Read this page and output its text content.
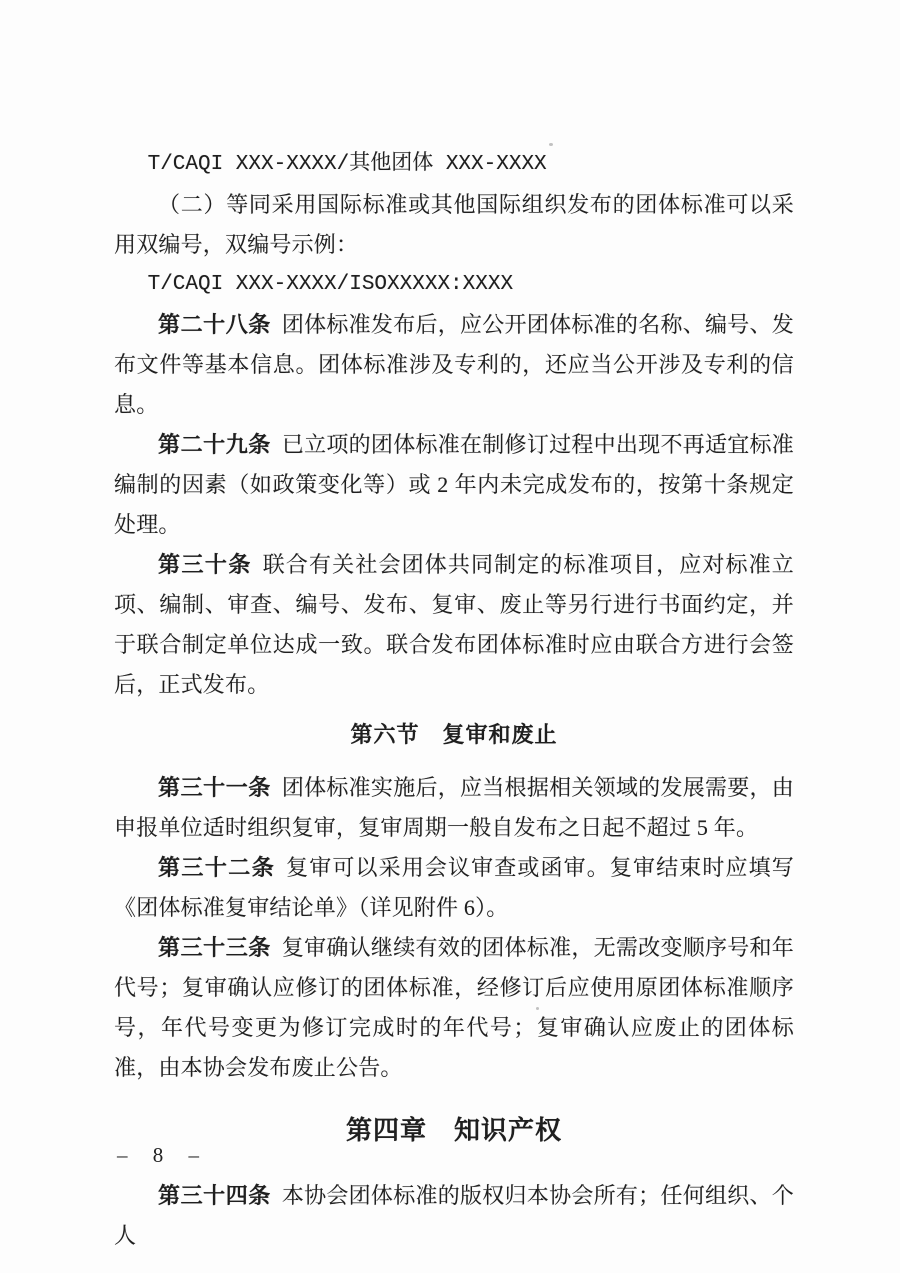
T/CAQI XXX-XXXX/其他团体 XXX-XXXX

（二）等同采用国际标准或其他国际组织发布的团体标准可以采用双编号，双编号示例：

T/CAQI XXX-XXXX/ISOXXXXX:XXXX

第二十八条 团体标准发布后，应公开团体标准的名称、编号、发布文件等基本信息。团体标准涉及专利的，还应当公开涉及专利的信息。

第二十九条 已立项的团体标准在制修订过程中出现不再适宜标准编制的因素（如政策变化等）或 2 年内未完成发布的，按第十条规定处理。

第三十条 联合有关社会团体共同制定的标准项目，应对标准立项、编制、审查、编号、发布、复审、废止等另行进行书面约定，并于联合制定单位达成一致。联合发布团体标准时应由联合方进行会签后，正式发布。

第六节　复审和废止

第三十一条 团体标准实施后，应当根据相关领域的发展需要，由申报单位适时组织复审，复审周期一般自发布之日起不超过 5 年。

第三十二条 复审可以采用会议审查或函审。复审结束时应填写《团体标准复审结论单》（详见附件 6）。

第三十三条 复审确认继续有效的团体标准，无需改变顺序号和年代号；复审确认应修订的团体标准，经修订后应使用原团体标准顺序号，年代号变更为修订完成时的年代号；复审确认应废止的团体标准，由本协会发布废止公告。

第四章　知识产权

第三十四条 本协会团体标准的版权归本协会所有；任何组织、个人

– 8 –
